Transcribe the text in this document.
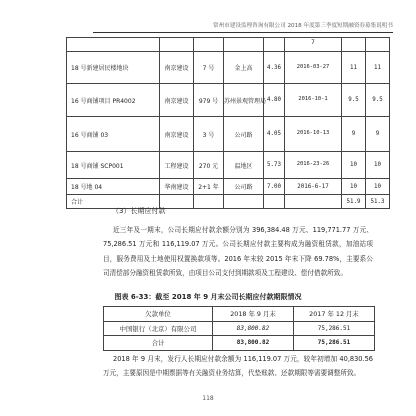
常州市建设监理咨询有限公司 2018 年度第三季度短期融资券募集说明书
					7		
18 号新建居民楼地块	南京建设	7 号	金上高	4.36	2016-03-27	11	11
16 号商铺项目 PR4002	南京建设	979 号	苏州景观管理局	4.80	2016-10-1	9.5	9.5
16 号商铺 03	南京建设	3 号	公司路	4.05	2016-10-13	9	9
18 号商铺 SCP001	工程建设	270 元	温地区	5.73	2016-23-26	10	10
18 号地 04	华南建设	2+1 年	公司路	7.00	2016-6-17	10	10
合计						51.9	51.3
（3）长期应付款

近三年及一期末，公司长期应付款余额分别为 396,384.48 万元、119,771.77 万元、75,286.51 万元和 116,119.07 万元。公司长期应付款主要构成为融资租赁款，加油站项目，服务费用及土地使用权置换款项等。2016 年末较 2015 年末下降 69.78%，主要系公司清偿部分融资租赁款所致，由项目公司支付到期款项及工程建设、偿付借款所致。

图表 6-33：截至 2018 年 9 月末公司长期应付款期限情况
欠款单位	2018 年 9 月末	2017 年 12 月末
中国银行（北京）有限公司	83,800.82	75,286.51
合计	83,800.82	75,286.51

2018 年 9 月末，发行人长期应付款余额为 116,119.07 万元，较年初增加 40,830.56 万元，主要原因是中期票据等有关融资业务结算，代垫账款、还款期限等需要调整所致。

118
